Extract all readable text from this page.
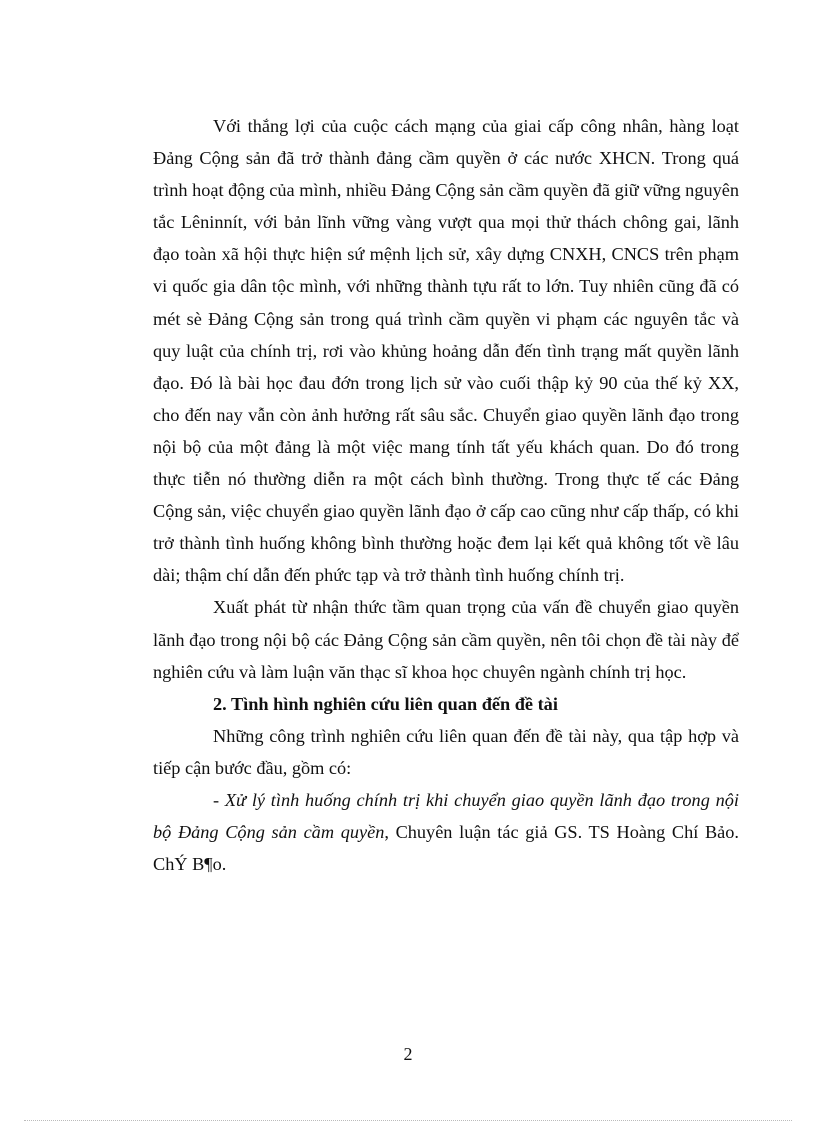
Với thắng lợi của cuộc cách mạng của giai cấp công nhân, hàng loạt Đảng Cộng sản đã trở thành đảng cầm quyền ở các nước XHCN. Trong quá trình hoạt động của mình, nhiều Đảng Cộng sản cầm quyền đã giữ vững nguyên tắc Lêninnít, với bản lĩnh vững vàng vượt qua mọi thử thách chông gai, lãnh đạo toàn xã hội thực hiện sứ mệnh lịch sử, xây dựng CNXH, CNCS trên phạm vi quốc gia dân tộc mình, với những thành tựu rất to lớn. Tuy nhiên cũng đã có mét sè Đảng Cộng sản trong quá trình cầm quyền vi phạm các nguyên tắc và quy luật của chính trị, rơi vào khủng hoảng dẫn đến tình trạng mất quyền lãnh đạo. Đó là bài học đau đớn trong lịch sử vào cuối thập kỷ 90 của thế kỷ XX, cho đến nay vẫn còn ảnh hưởng rất sâu sắc. Chuyển giao quyền lãnh đạo trong nội bộ của một đảng là một việc mang tính tất yếu khách quan. Do đó trong thực tiễn nó thường diễn ra một cách bình thường. Trong thực tế các Đảng Cộng sản, việc chuyển giao quyền lãnh đạo ở cấp cao cũng như cấp thấp, có khi trở thành tình huống không bình thường hoặc đem lại kết quả không tốt về lâu dài; thậm chí dẫn đến phức tạp và trở thành tình huống chính trị.

Xuất phát từ nhận thức tầm quan trọng của vấn đề chuyển giao quyền lãnh đạo trong nội bộ các Đảng Cộng sản cầm quyền, nên tôi chọn đề tài này để nghiên cứu và làm luận văn thạc sĩ khoa học chuyên ngành chính trị học.

2. Tình hình nghiên cứu liên quan đến đề tài

Những công trình nghiên cứu liên quan đến đề tài này, qua tập hợp và tiếp cận bước đầu, gồm có:

- Xử lý tình huống chính trị khi chuyển giao quyền lãnh đạo trong nội bộ Đảng Cộng sản cầm quyền, Chuyên luận tác giả GS. TS Hoàng Chí Bảo.

ChÝ B¶o.

2
